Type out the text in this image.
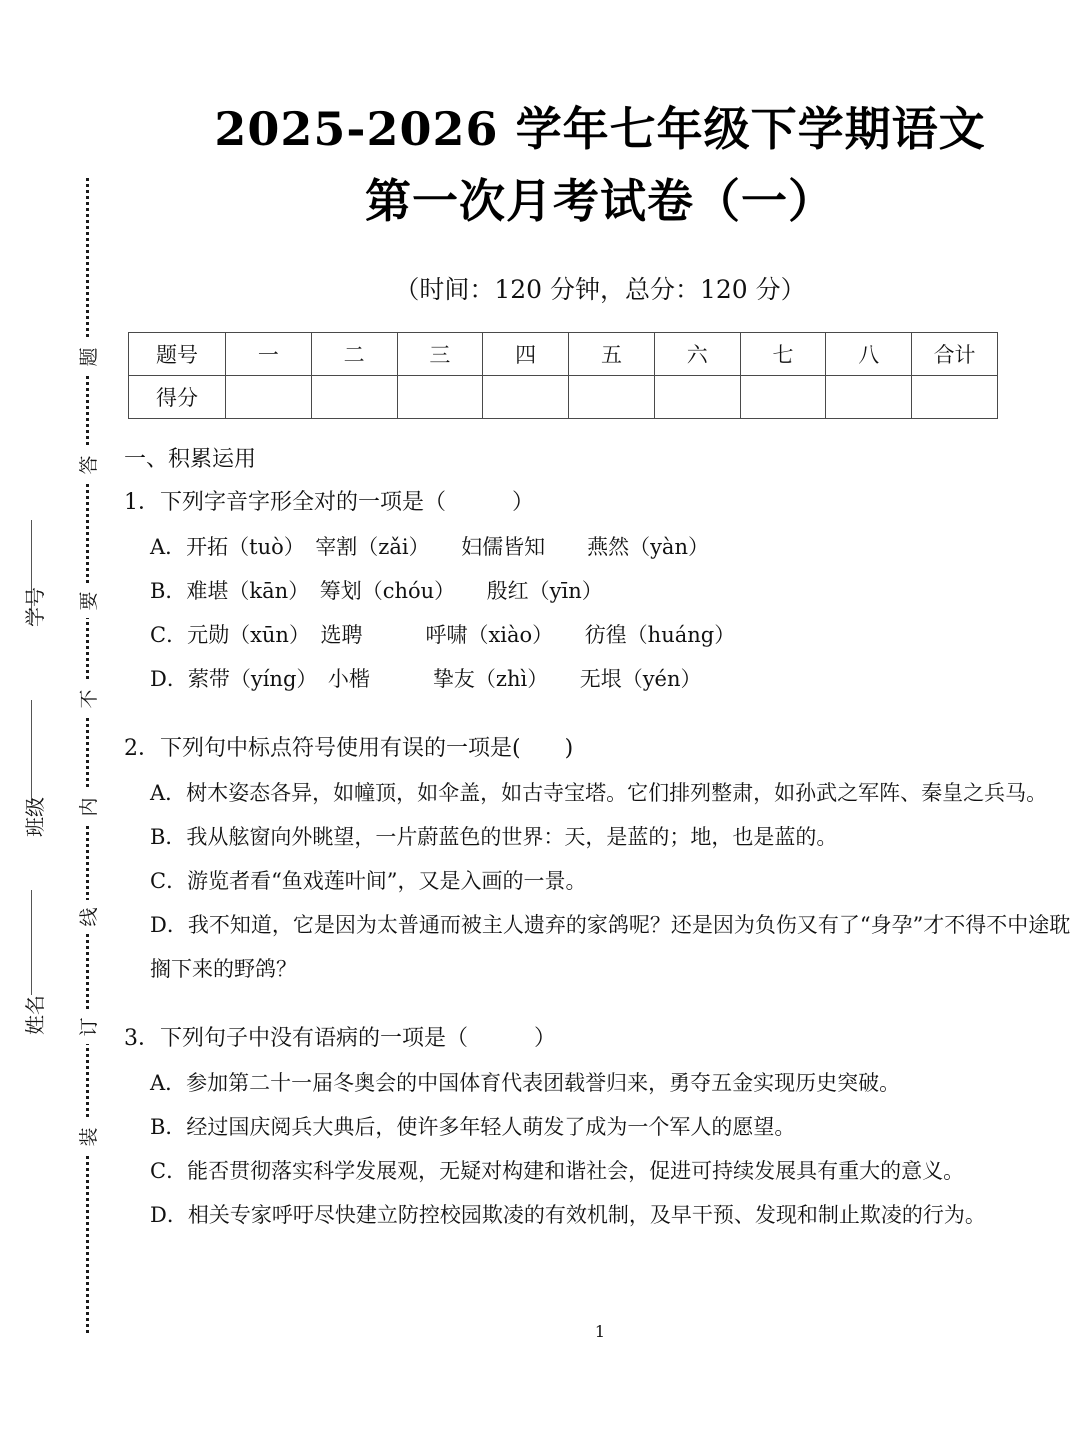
题
答
要
不
内
线
订
装
学号
班级
姓名
2025-2026 学年七年级下学期语文
第一次月考试卷（一）
（时间：120 分钟，总分：120 分）
题号	一	二	三	四	五	六	七	八	合计
得分									
一、积累运用
1．下列字音字形全对的一项是（　　　）
A．开拓（tuò）　宰割（zǎi）　　妇儒皆知　　燕然（yàn）
B．难堪（kān）　筹划（chóu）　　殷红（yīn）
C．元勋（xūn）　选聘　　　呼啸（xiào）　　彷徨（huáng）
D．萦带（yíng）　小楷　　　挚友（zhì）　　无垠（yén）
2．下列句中标点符号使用有误的一项是(　　)
A．树木姿态各异，如幢顶，如伞盖，如古寺宝塔。它们排列整肃，如孙武之军阵、秦皇之兵马。
B．我从舷窗向外眺望，一片蔚蓝色的世界：天，是蓝的；地，也是蓝的。
C．游览者看“鱼戏莲叶间”，又是入画的一景。
D．我不知道，它是因为太普通而被主人遗弃的家鸽呢？还是因为负伤又有了“身孕”才不得不中途耽搁下来的野鸽？
3．下列句子中没有语病的一项是（　　　）
A．参加第二十一届冬奥会的中国体育代表团载誉归来，勇夺五金实现历史突破。
B．经过国庆阅兵大典后，使许多年轻人萌发了成为一个军人的愿望。
C．能否贯彻落实科学发展观，无疑对构建和谐社会，促进可持续发展具有重大的意义。
D．相关专家呼吁尽快建立防控校园欺凌的有效机制，及早干预、发现和制止欺凌的行为。
1
